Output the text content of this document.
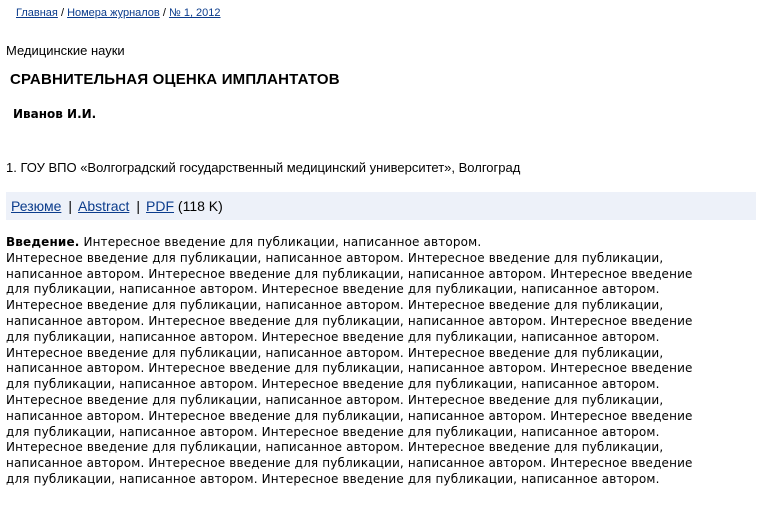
Главная / Номера журналов / № 1, 2012
Медицинские науки
СРАВНИТЕЛЬНАЯ ОЦЕНКА ИМПЛАНТАТОВ
Иванов И.И.
1. ГОУ ВПО «Волгоградский государственный медицинский университет», Волгоград
Резюме | Abstract | PDF (118 K)
Введение. Интересное введение для публикации, написанное автором.
Интересное введение для публикации, написанное автором. Интересное введение для публикации,
написанное автором. Интересное введение для публикации, написанное автором. Интересное введение
для публикации, написанное автором. Интересное введение для публикации, написанное автором.
Интересное введение для публикации, написанное автором. Интересное введение для публикации,
написанное автором. Интересное введение для публикации, написанное автором. Интересное введение
для публикации, написанное автором. Интересное введение для публикации, написанное автором.
Интересное введение для публикации, написанное автором. Интересное введение для публикации,
написанное автором. Интересное введение для публикации, написанное автором. Интересное введение
для публикации, написанное автором. Интересное введение для публикации, написанное автором.
Интересное введение для публикации, написанное автором. Интересное введение для публикации,
написанное автором. Интересное введение для публикации, написанное автором. Интересное введение
для публикации, написанное автором. Интересное введение для публикации, написанное автором.
Интересное введение для публикации, написанное автором. Интересное введение для публикации,
написанное автором. Интересное введение для публикации, написанное автором. Интересное введение
для публикации, написанное автором. Интересное введение для публикации, написанное автором.
